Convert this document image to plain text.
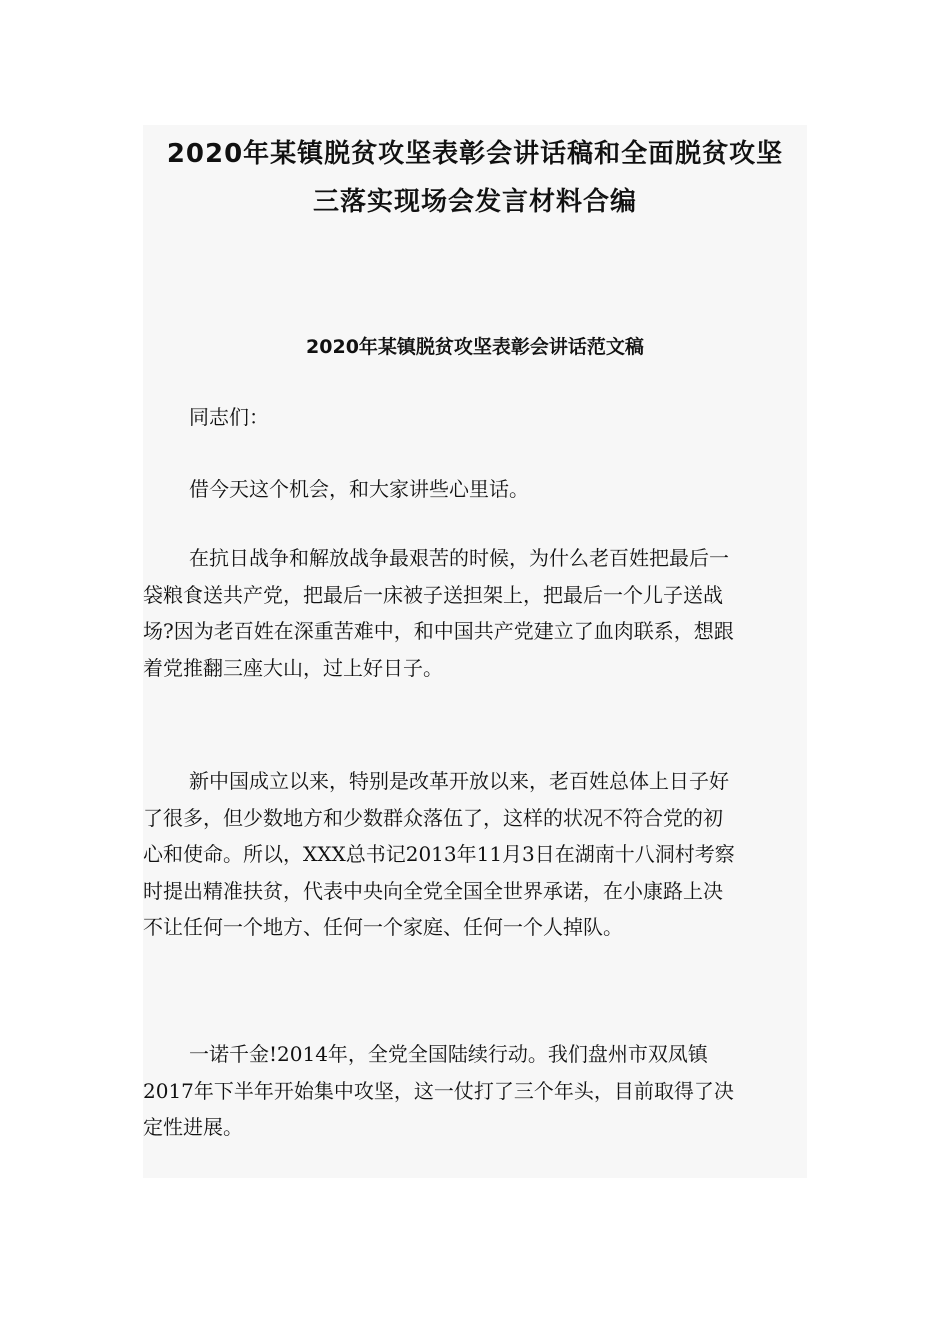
2020年某镇脱贫攻坚表彰会讲话稿和全面脱贫攻坚
三落实现场会发言材料合编
2020年某镇脱贫攻坚表彰会讲话范文稿

同志们：

借今天这个机会，和大家讲些心里话。

在抗日战争和解放战争最艰苦的时候，为什么老百姓把最后一
袋粮食送共产党，把最后一床被子送担架上，把最后一个儿子送战
场?因为老百姓在深重苦难中，和中国共产党建立了血肉联系，想跟
着党推翻三座大山，过上好日子。

新中国成立以来，特别是改革开放以来，老百姓总体上日子好
了很多，但少数地方和少数群众落伍了，这样的状况不符合党的初
心和使命。所以，XXX总书记2013年11月3日在湖南十八洞村考察
时提出精准扶贫，代表中央向全党全国全世界承诺，在小康路上决
不让任何一个地方、任何一个家庭、任何一个人掉队。

一诺千金!2014年，全党全国陆续行动。我们盘州市双凤镇
2017年下半年开始集中攻坚，这一仗打了三个年头，目前取得了决
定性进展。
